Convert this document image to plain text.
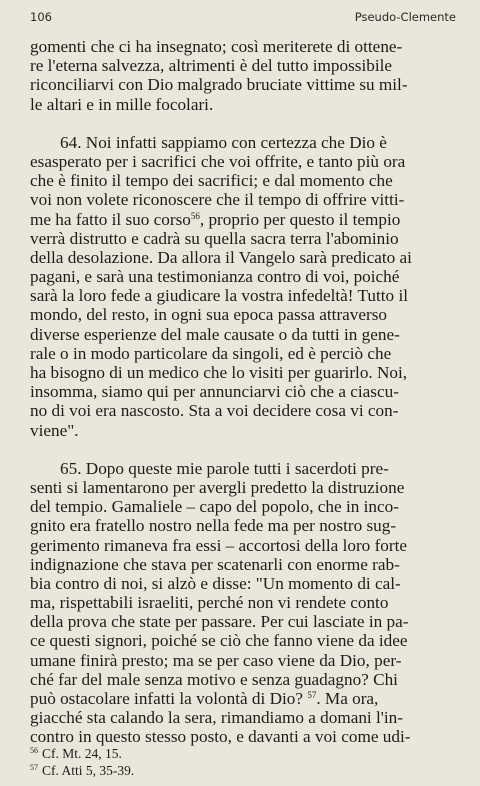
106	Pseudo-Clemente
gomenti che ci ha insegnato; così meriterete di ottene-
re l'eterna salvezza, altrimenti è del tutto impossibile
riconciliarvi con Dio malgrado bruciate vittime su mil-
le altari e in mille focolari.
64. Noi infatti sappiamo con certezza che Dio è
esasperato per i sacrifici che voi offrite, e tanto più ora
che è finito il tempo dei sacrifici; e dal momento che
voi non volete riconoscere che il tempo di offrire vitti-
me ha fatto il suo corso$^{56}$, proprio per questo il tempio
verrà distrutto e cadrà su quella sacra terra l'abominio
della desolazione. Da allora il Vangelo sarà predicato ai
pagani, e sarà una testimonianza contro di voi, poiché
sarà la loro fede a giudicare la vostra infedeltà! Tutto il
mondo, del resto, in ogni sua epoca passa attraverso
diverse esperienze del male causate o da tutti in gene-
rale o in modo particolare da singoli, ed è perciò che
ha bisogno di un medico che lo visiti per guarirlo. Noi,
insomma, siamo qui per annunciarvi ciò che a ciascu-
no di voi era nascosto. Sta a voi decidere cosa vi con-
viene".
65. Dopo queste mie parole tutti i sacerdoti pre-
senti si lamentarono per avergli predetto la distruzione
del tempio. Gamaliele – capo del popolo, che in inco-
gnito era fratello nostro nella fede ma per nostro sug-
gerimento rimaneva fra essi – accortosi della loro forte
indignazione che stava per scatenarli con enorme rab-
bia contro di noi, si alzò e disse: "Un momento di cal-
ma, rispettabili israeliti, perché non vi rendete conto
della prova che state per passare. Per cui lasciate in pa-
ce questi signori, poiché se ciò che fanno viene da idee
umane finirà presto; ma se per caso viene da Dio, per-
ché far del male senza motivo e senza guadagno? Chi
può ostacolare infatti la volontà di Dio? $^{57}$. Ma ora,
giacché sta calando la sera, rimandiamo a domani l'in-
contro in questo stesso posto, e davanti a voi come udi-
$^{56}$ Cf. Mt. 24, 15.
$^{57}$ Cf. Atti 5, 35-39.
